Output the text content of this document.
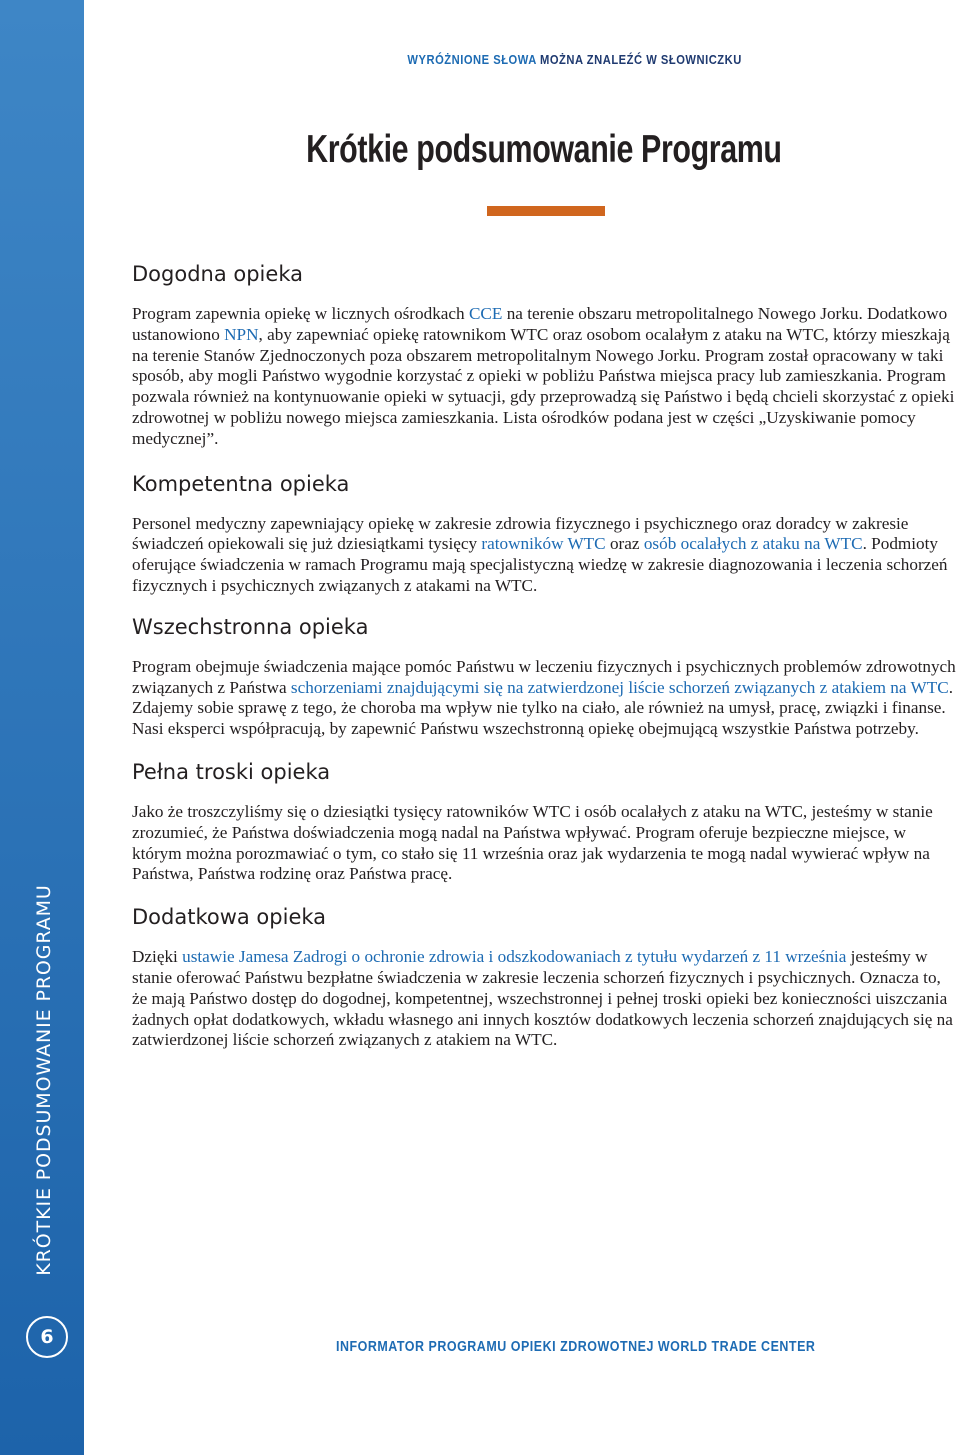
KRÓTKIE PODSUMOWANIE PROGRAMU
6
WYRÓŻNIONE SŁOWA MOŻNA ZNALEŹĆ W SŁOWNICZKU
Krótkie podsumowanie Programu
Dogodna opieka

Program zapewnia opiekę w licznych ośrodkach CCE na terenie obszaru metropolitalnego Nowego Jorku. Dodatkowo ustanowiono NPN, aby zapewniać opiekę ratownikom WTC oraz osobom ocalałym z ataku na WTC, którzy mieszkają na terenie Stanów Zjednoczonych poza obszarem metropolitalnym Nowego Jorku. Program został opracowany w taki sposób, aby mogli Państwo wygodnie korzystać z opieki w pobliżu Państwa miejsca pracy lub zamieszkania. Program pozwala również na kontynuowanie opieki w sytuacji, gdy przeprowadzą się Państwo i będą chcieli skorzystać z opieki zdrowotnej w pobliżu nowego miejsca zamieszkania. Lista ośrodków podana jest w części „Uzyskiwanie pomocy medycznej”.

Kompetentna opieka

Personel medyczny zapewniający opiekę w zakresie zdrowia fizycznego i psychicznego oraz doradcy w zakresie świadczeń opiekowali się już dziesiątkami tysięcy ratowników WTC oraz osób ocalałych z ataku na WTC. Podmioty oferujące świadczenia w ramach Programu mają specjalistyczną wiedzę w zakresie diagnozowania i leczenia schorzeń fizycznych i psychicznych związanych z atakami na WTC.

Wszechstronna opieka

Program obejmuje świadczenia mające pomóc Państwu w leczeniu fizycznych i psychicznych problemów zdrowotnych związanych z Państwa schorzeniami znajdującymi się na zatwierdzonej liście schorzeń związanych z atakiem na WTC. Zdajemy sobie sprawę z tego, że choroba ma wpływ nie tylko na ciało, ale również na umysł, pracę, związki i finanse. Nasi eksperci współpracują, by zapewnić Państwu wszechstronną opiekę obejmującą wszystkie Państwa potrzeby.

Pełna troski opieka

Jako że troszczyliśmy się o dziesiątki tysięcy ratowników WTC i osób ocalałych z ataku na WTC, jesteśmy w stanie zrozumieć, że Państwa doświadczenia mogą nadal na Państwa wpływać. Program oferuje bezpieczne miejsce, w którym można porozmawiać o tym, co stało się 11 września oraz jak wydarzenia te mogą nadal wywierać wpływ na Państwa, Państwa rodzinę oraz Państwa pracę.

Dodatkowa opieka

Dzięki ustawie Jamesa Zadrogi o ochronie zdrowia i odszkodowaniach z tytułu wydarzeń z 11 września jesteśmy w stanie oferować Państwu bezpłatne świadczenia w zakresie leczenia schorzeń fizycznych i psychicznych. Oznacza to, że mają Państwo dostęp do dogodnej, kompetentnej, wszechstronnej i pełnej troski opieki bez konieczności uiszczania żadnych opłat dodatkowych, wkładu własnego ani innych kosztów dodatkowych leczenia schorzeń znajdujących się na zatwierdzonej liście schorzeń związanych z atakiem na WTC.

INFORMATOR PROGRAMU OPIEKI ZDROWOTNEJ WORLD TRADE CENTER
